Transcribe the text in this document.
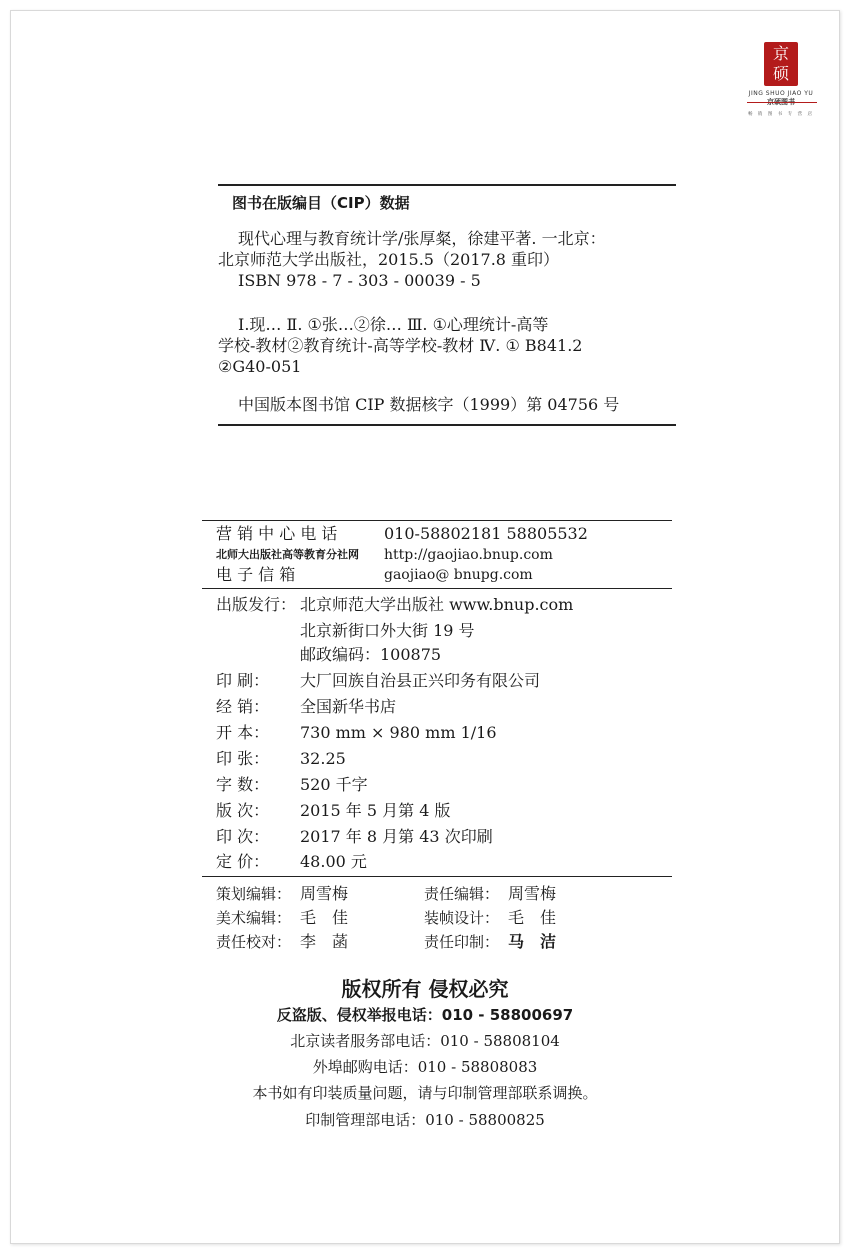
京
硕
JING SHUO JIAO YU
畅 销 图 书 专 营 店
图书在版编目（CIP）数据
现代心理与教育统计学/张厚粲，徐建平著. 一北京：
北京师范大学出版社，2015.5（2017.8 重印）
ISBN 978 - 7 - 303 - 00039 - 5
Ⅰ.现… Ⅱ. ①张…②徐… Ⅲ. ①心理统计-高等
学校-教材②教育统计-高等学校-教材 Ⅳ. ① B841.2
②G40-051
中国版本图书馆 CIP 数据核字（1999）第 04756 号
营 销 中 心 电 话	010-58802181 58805532
北师大出版社高等教育分社网 http://gaojiao.bnup.com
电 子 信 箱	gaojiao@ bnupg.com
出版发行： 北京师范大学出版社 www.bnup.com
北京新街口外大街 19 号
邮政编码：100875
印 刷： 大厂回族自治县正兴印务有限公司
经 销： 全国新华书店
开 本： 730 mm × 980 mm 1/16
印 张： 32.25
字 数： 520 千字
版 次： 2015 年 5 月第 4 版
印 次： 2017 年 8 月第 43 次印刷
定 价： 48.00 元
策划编辑： 周雪梅	责任编辑： 周雪梅
美术编辑： 毛　佳	装帧设计： 毛　佳
责任校对： 李　菡	责任印制： 马　洁
版权所有 侵权必究
反盗版、侵权举报电话：010 - 58800697
北京读者服务部电话：010 - 58808104
外埠邮购电话：010 - 58808083
本书如有印装质量问题，请与印制管理部联系调换。
印制管理部电话：010 - 58800825
